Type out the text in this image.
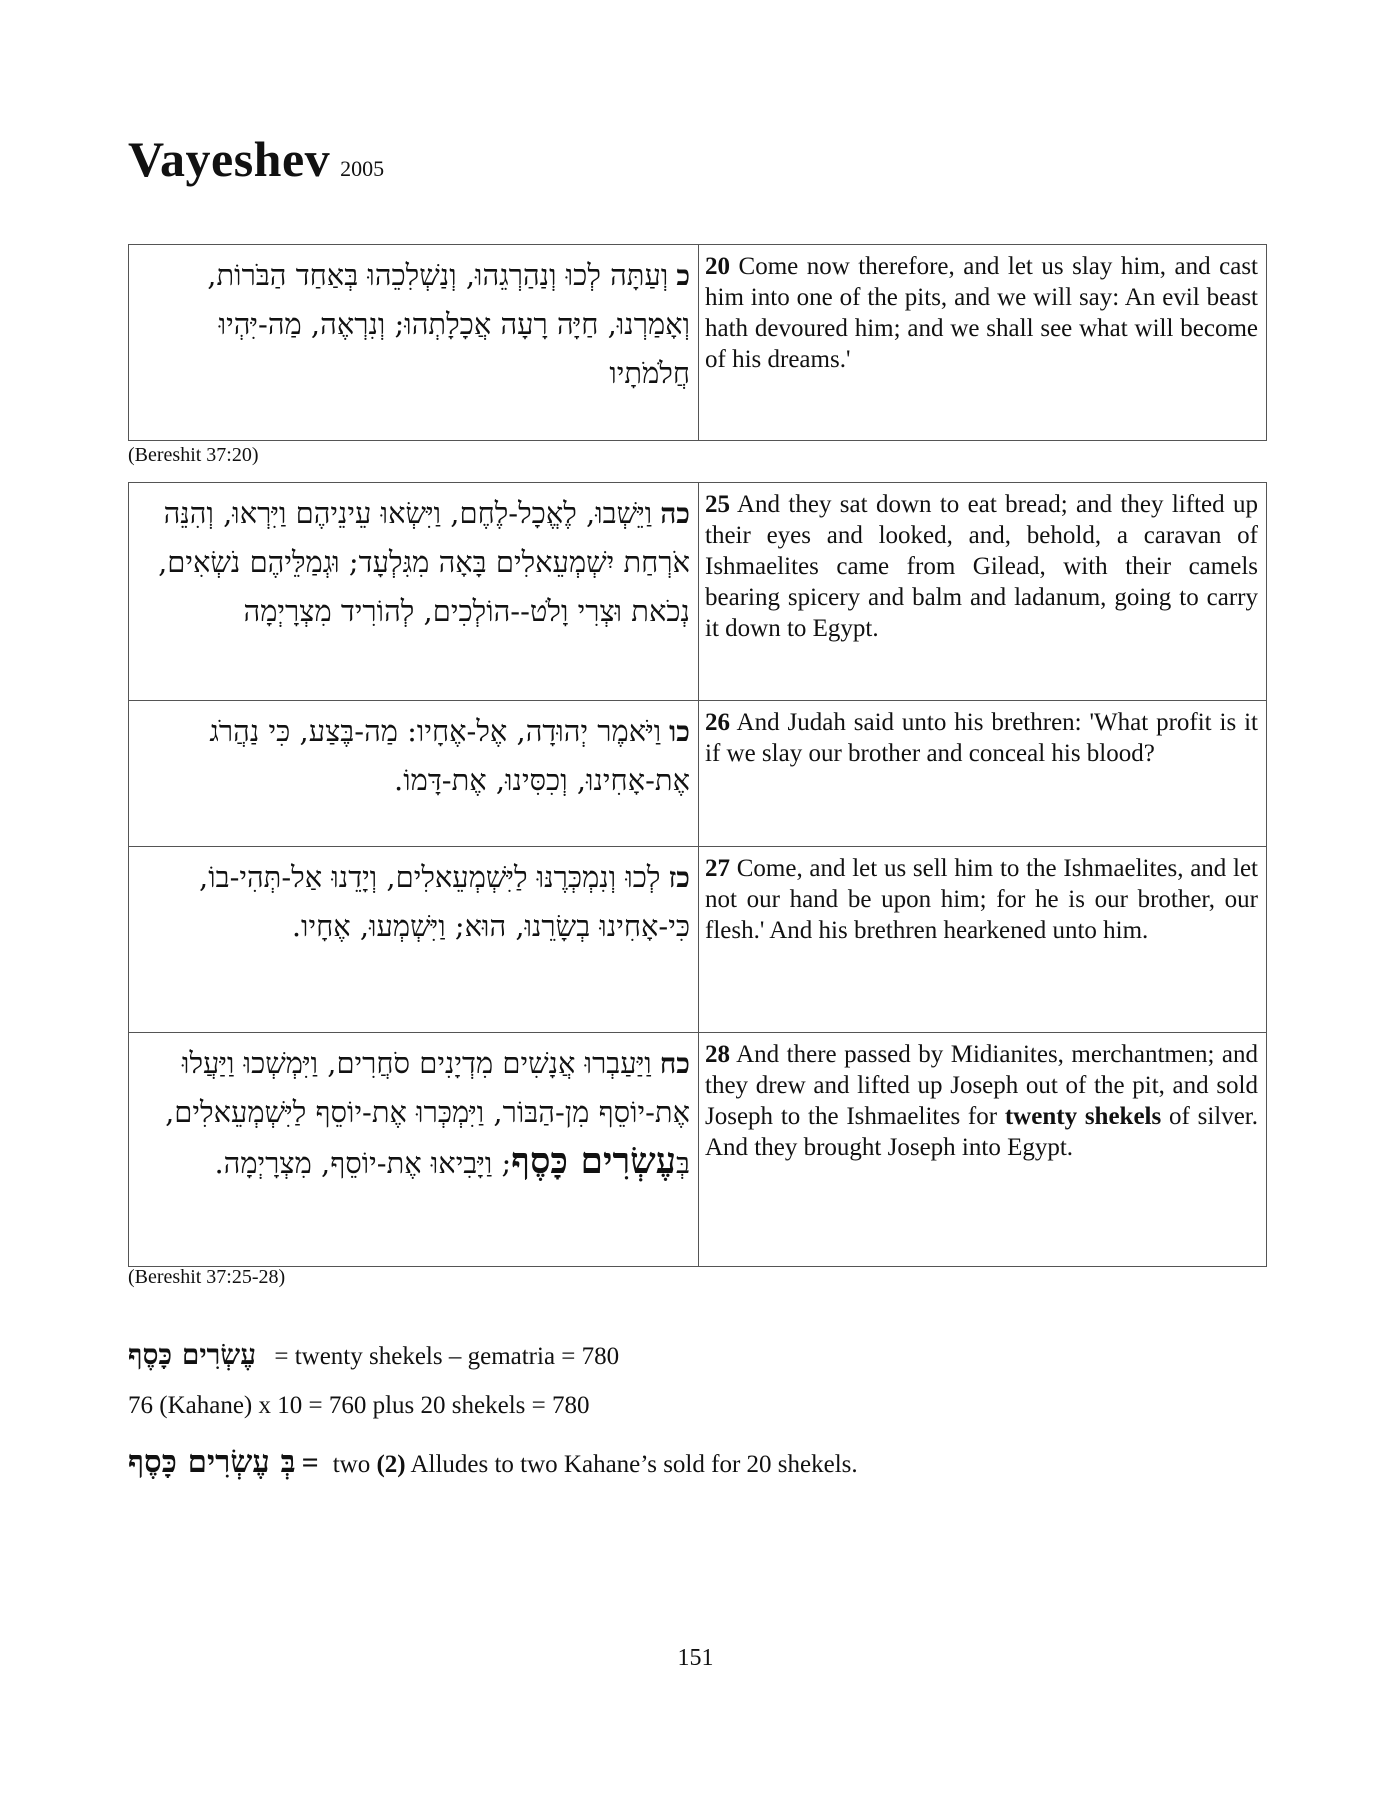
Vayeshev 2005
כוְעַתָּה לְכוּ וְנַהַרְגֵהוּ, וְנַשְׁלִכֵהוּ בְּאַחַד הַבֹּרוֹת, וְאָמַרְנוּ, חַיָּה רָעָה אֲכָלָתְהוּ; וְנִרְאֶה, מַה-יִּהְיוּ חֲלֹמֹתָיו	20 Come now therefore, and let us slay him, and cast him into one of the pits, and we will say: An evil beast hath devoured him; and we shall see what will become of his dreams.'
(Bereshit 37:20)
כהוַיֵּשְׁבוּ, לֶאֱכָל-לֶחֶם, וַיִּשְׂאוּ עֵינֵיהֶם וַיִּרְאוּ, וְהִנֵּה אֹרְחַת יִשְׁמְעֵאלִים בָּאָה מִגִּלְעָד; וּגְמַלֵּיהֶם נֹשְׂאִים, נְכֹאת וּצְרִי וָלֹט--הוֹלְכִים, לְהוֹרִיד מִצְרָיְמָה	25 And they sat down to eat bread; and they lifted up their eyes and looked, and, behold, a caravan of Ishmaelites came from Gilead, with their camels bearing spicery and balm and ladanum, going to carry it down to Egypt.
כווַיֹּאמֶר יְהוּדָה, אֶל-אֶחָיו: מַה-בֶּצַע, כִּי נַהֲרֹג אֶת-אָחִינוּ, וְכִסִּינוּ, אֶת-דָּמוֹ.	26 And Judah said unto his brethren: 'What profit is it if we slay our brother and conceal his blood?
כזלְכוּ וְנִמְכְּרֶנּוּ לַיִּשְׁמְעֵאלִים, וְיָדֵנוּ אַל-תְּהִי-בוֹ, כִּי-אָחִינוּ בְשָׂרֵנוּ, הוּא; וַיִּשְׁמְעוּ, אֶחָיו.	27 Come, and let us sell him to the Ishmaelites, and let not our hand be upon him; for he is our brother, our flesh.' And his brethren hearkened unto him.
כחוַיַּעַבְרוּ אֲנָשִׁים מִדְיָנִים סֹחֲרִים, וַיִּמְשְׁכוּ וַיַּעֲלוּ אֶת-יוֹסֵף מִן-הַבּוֹר, וַיִּמְכְּרוּ אֶת-יוֹסֵף לַיִּשְׁמְעֵאלִים, בְּעֶשְׂרִים כָּסֶף; וַיָּבִיאוּ אֶת-יוֹסֵף, מִצְרָיְמָה.	28 And there passed by Midianites, merchantmen; and they drew and lifted up Joseph out of the pit, and sold Joseph to the Ishmaelites for twenty shekels of silver. And they brought Joseph into Egypt.
(Bereshit 37:25-28)
עֶשְׂרִים כָּסֶף = twenty shekels – gematria = 780
76 (Kahane) x 10 = 760 plus 20 shekels = 780
בְּ עֶשְׂרִים כָּסֶף = two (2) Alludes to two Kahane’s sold for 20 shekels.
151
